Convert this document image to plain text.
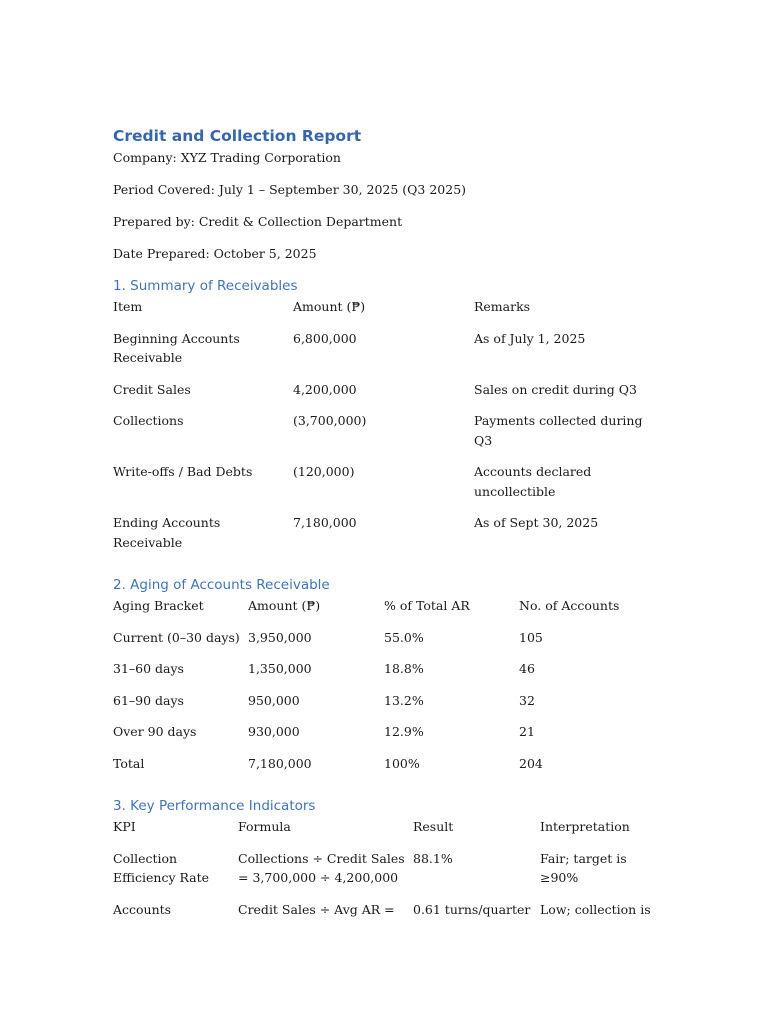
Credit and Collection Report

Company: XYZ Trading Corporation

Period Covered: July 1 – September 30, 2025 (Q3 2025)

Prepared by: Credit & Collection Department

Date Prepared: October 5, 2025

1. Summary of Receivables
Item	Amount (₱)	Remarks
Beginning Accounts Receivable	6,800,000	As of July 1, 2025
Credit Sales	4,200,000	Sales on credit during Q3
Collections	(3,700,000)	Payments collected during Q3
Write-offs / Bad Debts	(120,000)	Accounts declared uncollectible
Ending Accounts Receivable	7,180,000	As of Sept 30, 2025
2. Aging of Accounts Receivable
Aging Bracket	Amount (₱)	% of Total AR	No. of Accounts
Current (0–30 days)	3,950,000	55.0%	105
31–60 days	1,350,000	18.8%	46
61–90 days	950,000	13.2%	32
Over 90 days	930,000	12.9%	21
Total	7,180,000	100%	204
3. Key Performance Indicators
KPI	Formula	Result	Interpretation
Collection Efficiency Rate	Collections ÷ Credit Sales = 3,700,000 ÷ 4,200,000	88.1%	Fair; target is ≥90%
Accounts	Credit Sales ÷ Avg AR =	0.61 turns/quarter	Low; collection is
